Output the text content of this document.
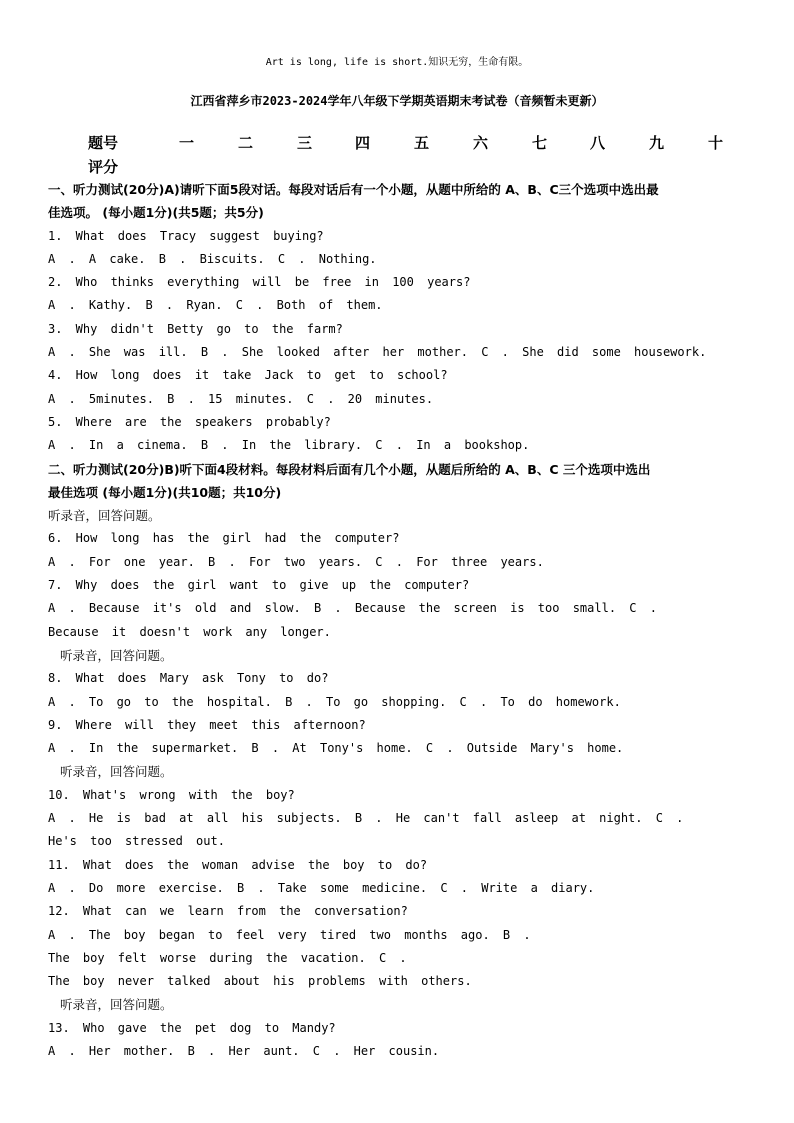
Art is long, life is short.知识无穷，生命有限。
江西省萍乡市2023-2024学年八年级下学期英语期末考试卷（音频暂未更新）
题号	一	二	三	四	五	六	七	八	九	十
评分
一、听力测试(20分)A)请听下面5段对话。每段对话后有一个小题，从题中所给的 A、B、C三个选项中选出最
佳选项。 (每小题1分)(共5题；共5分)
1. What does Tracy suggest buying?
A . A cake. B . Biscuits. C . Nothing.
2. Who thinks everything will be free in 100 years?
A . Kathy. B . Ryan. C . Both of them.
3. Why didn't Betty go to the farm?
A . She was ill. B . She looked after her mother. C . She did some housework.
4. How long does it take Jack to get to school?
A . 5minutes. B . 15 minutes. C . 20 minutes.
5. Where are the speakers probably?
A . In a cinema. B . In the library. C . In a bookshop.
二、听力测试(20分)B)听下面4段材料。每段材料后面有几个小题，从题后所给的 A、B、C 三个选项中选出
最佳选项 (每小题1分)(共10题；共10分)
听录音，回答问题。
6. How long has the girl had the computer?
A . For one year. B . For two years. C . For three years.
7. Why does the girl want to give up the computer?
A . Because it's old and slow. B . Because the screen is too small. C .
Because it doesn't work any longer.
听录音，回答问题。
8. What does Mary ask Tony to do?
A . To go to the hospital. B . To go shopping. C . To do homework.
9. Where will they meet this afternoon?
A . In the supermarket. B . At Tony's home. C . Outside Mary's home.
听录音，回答问题。
10. What's wrong with the boy?
A . He is bad at all his subjects. B . He can't fall asleep at night. C .
He's too stressed out.
11. What does the woman advise the boy to do?
A . Do more exercise. B . Take some medicine. C . Write a diary.
12. What can we learn from the conversation?
A . The boy began to feel very tired two months ago. B .
The boy felt worse during the vacation. C .
The boy never talked about his problems with others.
听录音，回答问题。
13. Who gave the pet dog to Mandy?
A . Her mother. B . Her aunt. C . Her cousin.
